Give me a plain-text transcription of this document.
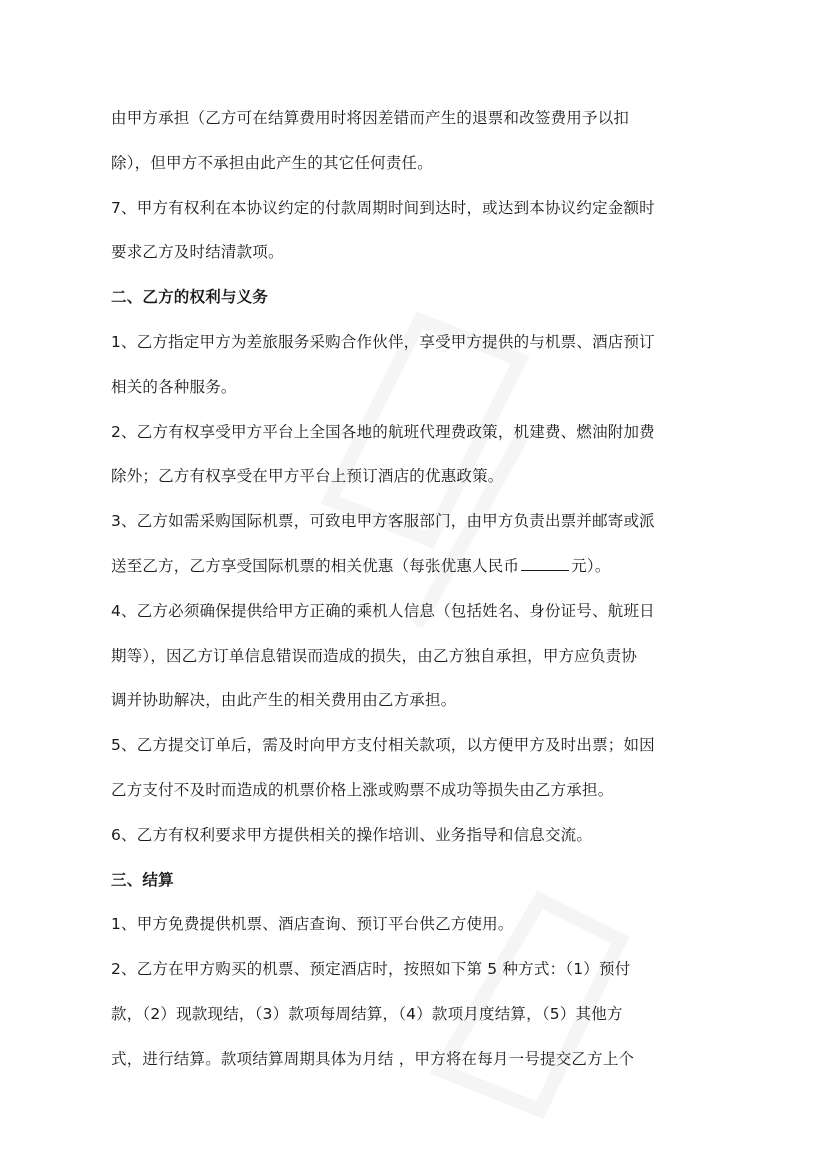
由甲方承担（乙方可在结算费用时将因差错而产生的退票和改签费用予以扣

除），但甲方不承担由此产生的其它任何责任。

7、甲方有权利在本协议约定的付款周期时间到达时，或达到本协议约定金额时

要求乙方及时结清款项。

二、乙方的权利与义务

1、乙方指定甲方为差旅服务采购合作伙伴，享受甲方提供的与机票、酒店预订

相关的各种服务。

2、乙方有权享受甲方平台上全国各地的航班代理费政策，机建费、燃油附加费

除外；乙方有权享受在甲方平台上预订酒店的优惠政策。

3、乙方如需采购国际机票，可致电甲方客服部门，由甲方负责出票并邮寄或派

送至乙方，乙方享受国际机票的相关优惠（每张优惠人民币	元）。

4、乙方必须确保提供给甲方正确的乘机人信息（包括姓名、身份证号、航班日

期等），因乙方订单信息错误而造成的损失，由乙方独自承担，甲方应负责协

调并协助解决，由此产生的相关费用由乙方承担。

5、乙方提交订单后，需及时向甲方支付相关款项，以方便甲方及时出票；如因

乙方支付不及时而造成的机票价格上涨或购票不成功等损失由乙方承担。

6、乙方有权利要求甲方提供相关的操作培训、业务指导和信息交流。

三、结算

1、甲方免费提供机票、酒店查询、预订平台供乙方使用。

2、乙方在甲方购买的机票、预定酒店时，按照如下第 5 种方式：（1）预付

款，（2）现款现结，（3）款项每周结算，（4）款项月度结算，（5）其他方

式，进行结算。款项结算周期具体为月结 ，甲方将在每月一号提交乙方上个
